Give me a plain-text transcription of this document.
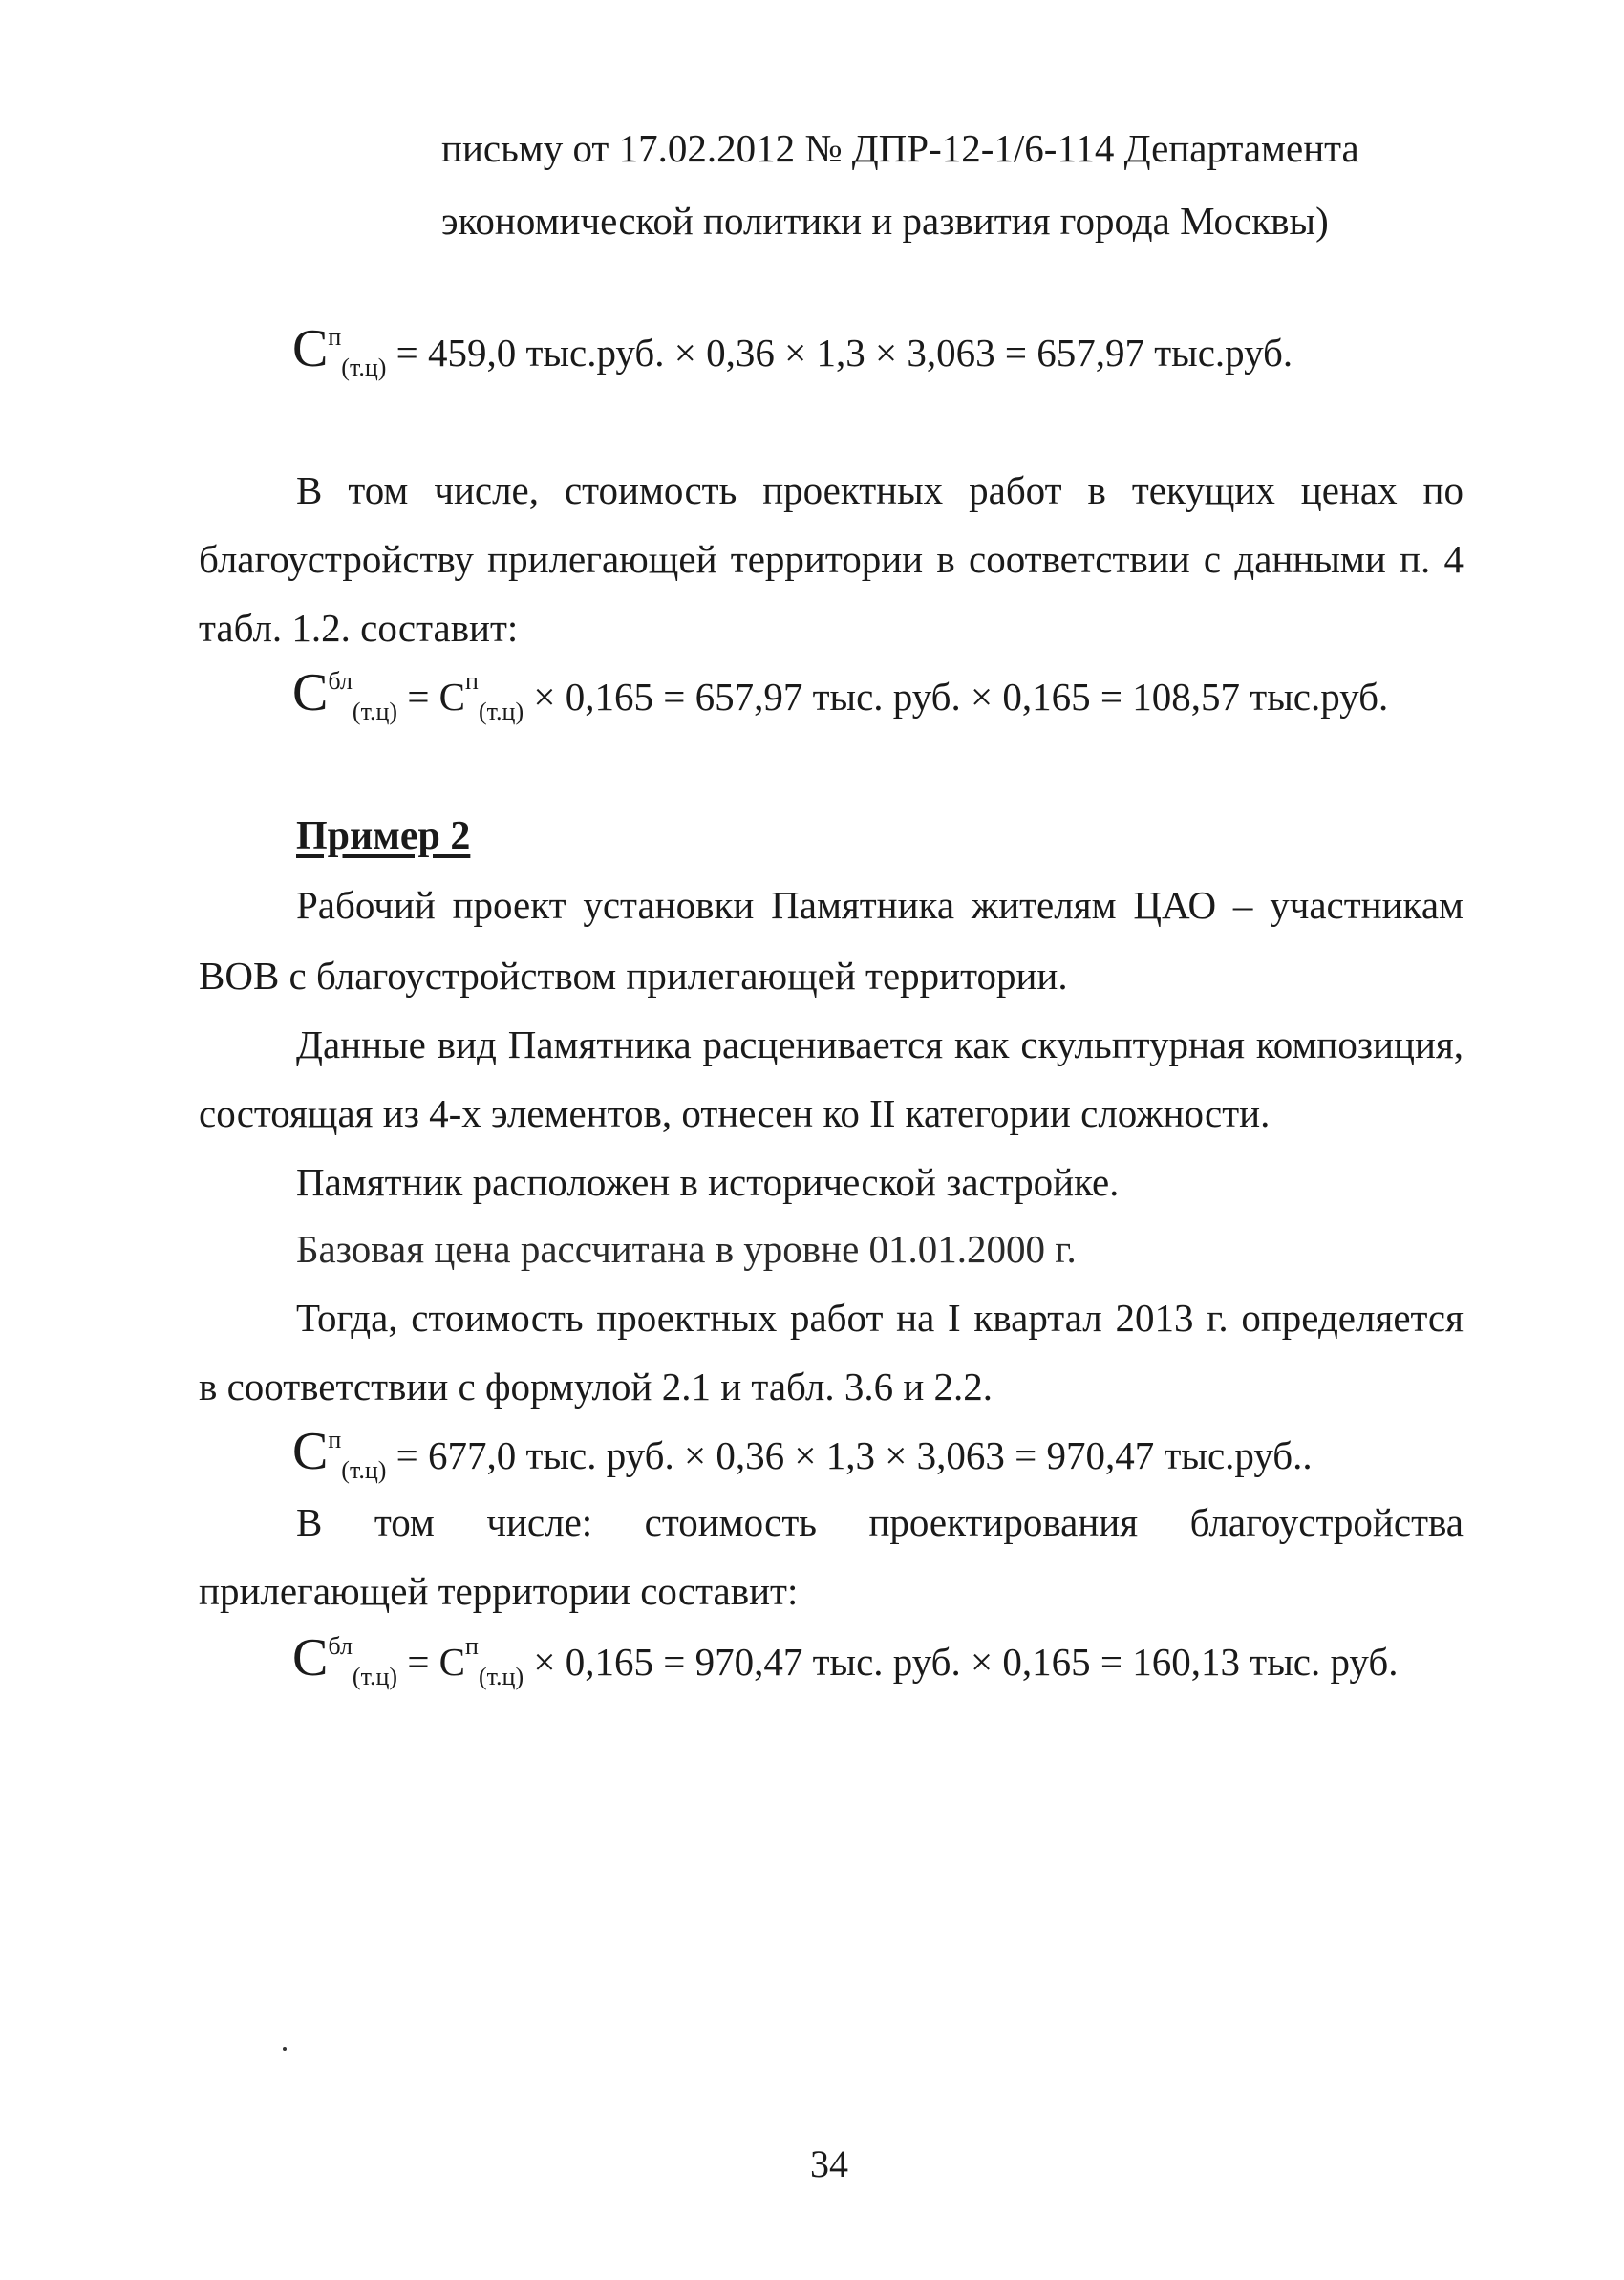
письму от 17.02.2012 № ДПР-12-1/6-114 Департамента
экономической политики и развития города Москвы)
$С^п_{(т.ц)} = 459,0$ тыс.руб. × 0,36 × 1,3 × 3,063 = 657,97 тыс.руб.
В том числе, стоимость проектных работ в текущих ценах по
благоустройству прилегающей территории в соответствии с данными п. 4
табл. 1.2. составит:
$С^{бл}_{(т.ц)} = С^п_{(т.ц)} \times 0,165 = 657,97$ тыс. руб. × 0,165 = 108,57 тыс.руб.
Пример 2
Рабочий проект установки Памятника жителям ЦАО – участникам
ВОВ с благоустройством прилегающей территории.
Данные вид Памятника расценивается как скульптурная композиция,
состоящая из 4-х элементов, отнесен ко II категории сложности.
Памятник расположен в исторической застройке.
Базовая цена рассчитана в уровне 01.01.2000 г.
Тогда, стоимость проектных работ на I квартал 2013 г. определяется
в соответствии с формулой 2.1 и табл. 3.6 и 2.2.
$С^п_{(т.ц)} = 677,0$ тыс. руб. × 0,36 × 1,3 × 3,063 = 970,47 тыс.руб..
В том числе: стоимость проектирования благоустройства
прилегающей территории составит:
$С^{бл}_{(т.ц)} = С^п_{(т.ц)} \times 0,165 = 970,47$ тыс. руб. × 0,165 = 160,13 тыс. руб.
34
